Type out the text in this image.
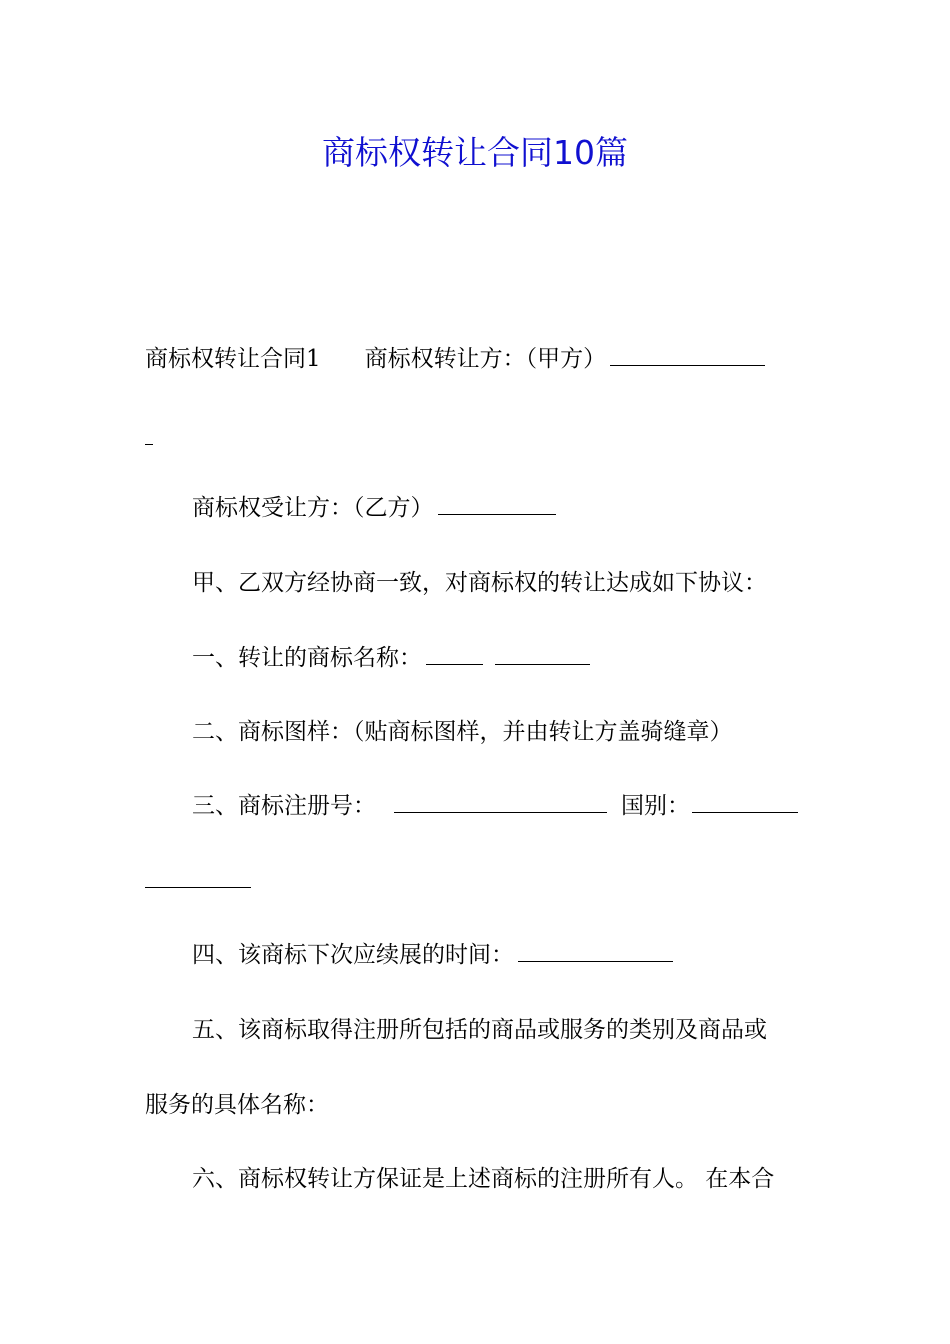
商标权转让合同10篇
商标权转让合同1 商标权转让方：（甲方）
商标权受让方：（乙方）
甲、乙双方经协商一致，对商标权的转让达成如下协议：
一、转让的商标名称：
二、商标图样：（贴商标图样，并由转让方盖骑缝章）
三、商标注册号：	国别：
四、该商标下次应续展的时间：
五、该商标取得注册所包括的商品或服务的类别及商品或
服务的具体名称：
六、商标权转让方保证是上述商标的注册所有人。 在本合
